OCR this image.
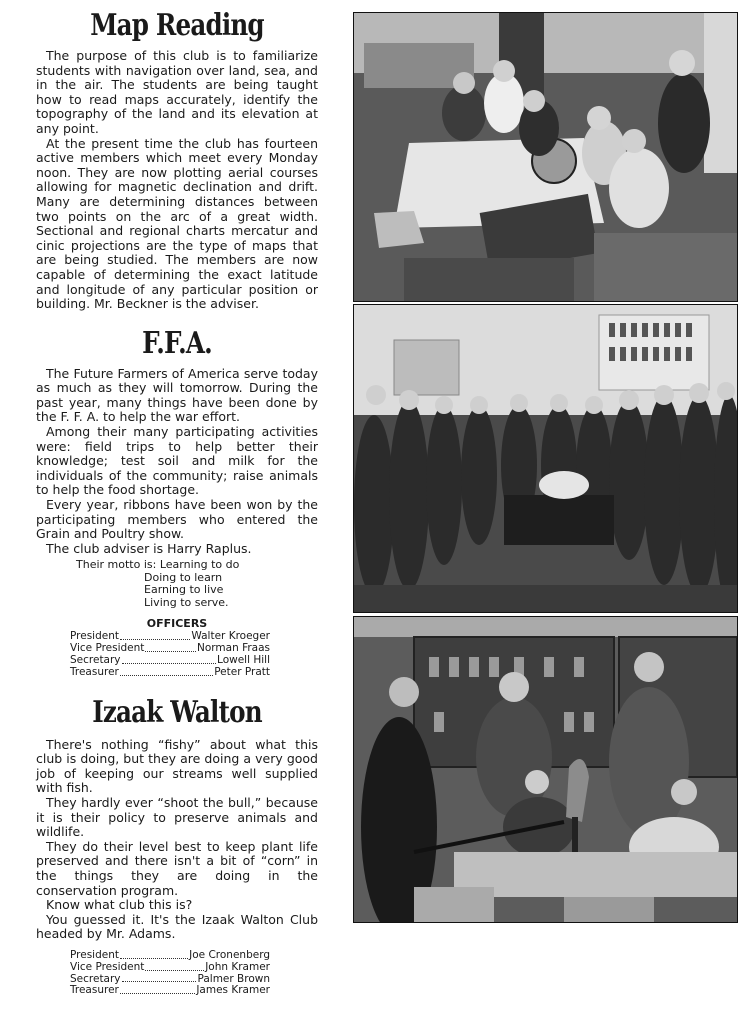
Map Reading

The purpose of this club is to familiarize students with navigation over land, sea, and in the air. The students are being taught how to read maps accurately, identify the topography of the land and its elevation at any point.

At the present time the club has fourteen active members which meet every Monday noon. They are now plotting aerial courses allowing for magnetic declination and drift. Many are determining distances between two points on the arc of a great width. Sectional and regional charts mercatur and cinic projections are the type of maps that are being studied. The members are now capable of determining the exact latitude and longitude of any particular position or building. Mr. Beckner is the adviser.

F.F.A.

The Future Farmers of America serve today as much as they will tomorrow. During the past year, many things have been done by the F. F. A. to help the war effort.

Among their many participating activities were: field trips to help better their knowledge; test soil and milk for the individuals of the community; raise animals to help the food shortage.

Every year, ribbons have been won by the participating members who entered the Grain and Poultry show.

The club adviser is Harry Raplus.

Their motto is: Learning to do
Doing to learn
Earning to live
Living to serve.
OFFICERS
President	Walter Kroeger
Vice President	Norman Fraas
Secretary	Lowell Hill
Treasurer	Peter Pratt
Izaak Walton

There's nothing “fishy” about what this club is doing, but they are doing a very good job of keeping our streams well supplied with fish.

They hardly ever “shoot the bull,” because it is their policy to preserve animals and wildlife.

They do their level best to keep plant life preserved and there isn't a bit of “corn” in the things they are doing in the conservation program.

Know what club this is?

You guessed it. It's the Izaak Walton Club headed by Mr. Adams.

President	Joe Cronenberg
Vice President	John Kramer
Secretary	Palmer Brown
Treasurer	James Kramer
